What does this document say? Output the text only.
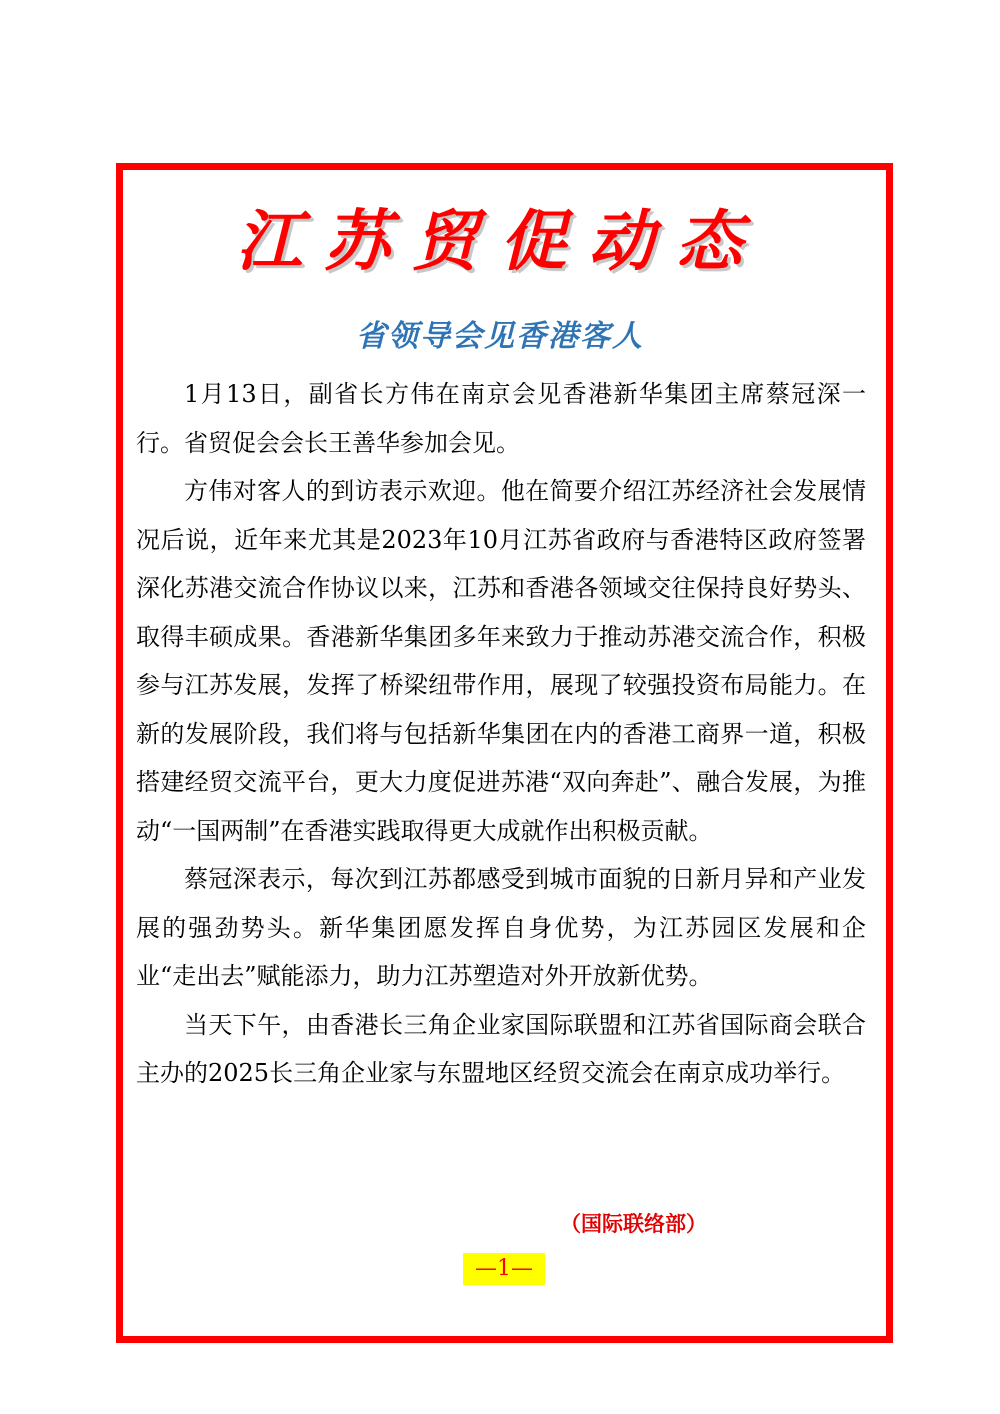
江苏贸促动态
省领导会见香港客人

1月13日，副省长方伟在南京会见香港新华集团主席蔡冠深一行。省贸促会会长王善华参加会见。

方伟对客人的到访表示欢迎。他在简要介绍江苏经济社会发展情况后说，近年来尤其是2023年10月江苏省政府与香港特区政府签署深化苏港交流合作协议以来，江苏和香港各领域交往保持良好势头、取得丰硕成果。香港新华集团多年来致力于推动苏港交流合作，积极参与江苏发展，发挥了桥梁纽带作用，展现了较强投资布局能力。在新的发展阶段，我们将与包括新华集团在内的香港工商界一道，积极搭建经贸交流平台，更大力度促进苏港“双向奔赴”、融合发展，为推动“一国两制”在香港实践取得更大成就作出积极贡献。

蔡冠深表示，每次到江苏都感受到城市面貌的日新月异和产业发展的强劲势头。新华集团愿发挥自身优势，为江苏园区发展和企业“走出去”赋能添力，助力江苏塑造对外开放新优势。

当天下午，由香港长三角企业家国际联盟和江苏省国际商会联合主办的2025长三角企业家与东盟地区经贸交流会在南京成功举行。

（国际联络部）
—1—
